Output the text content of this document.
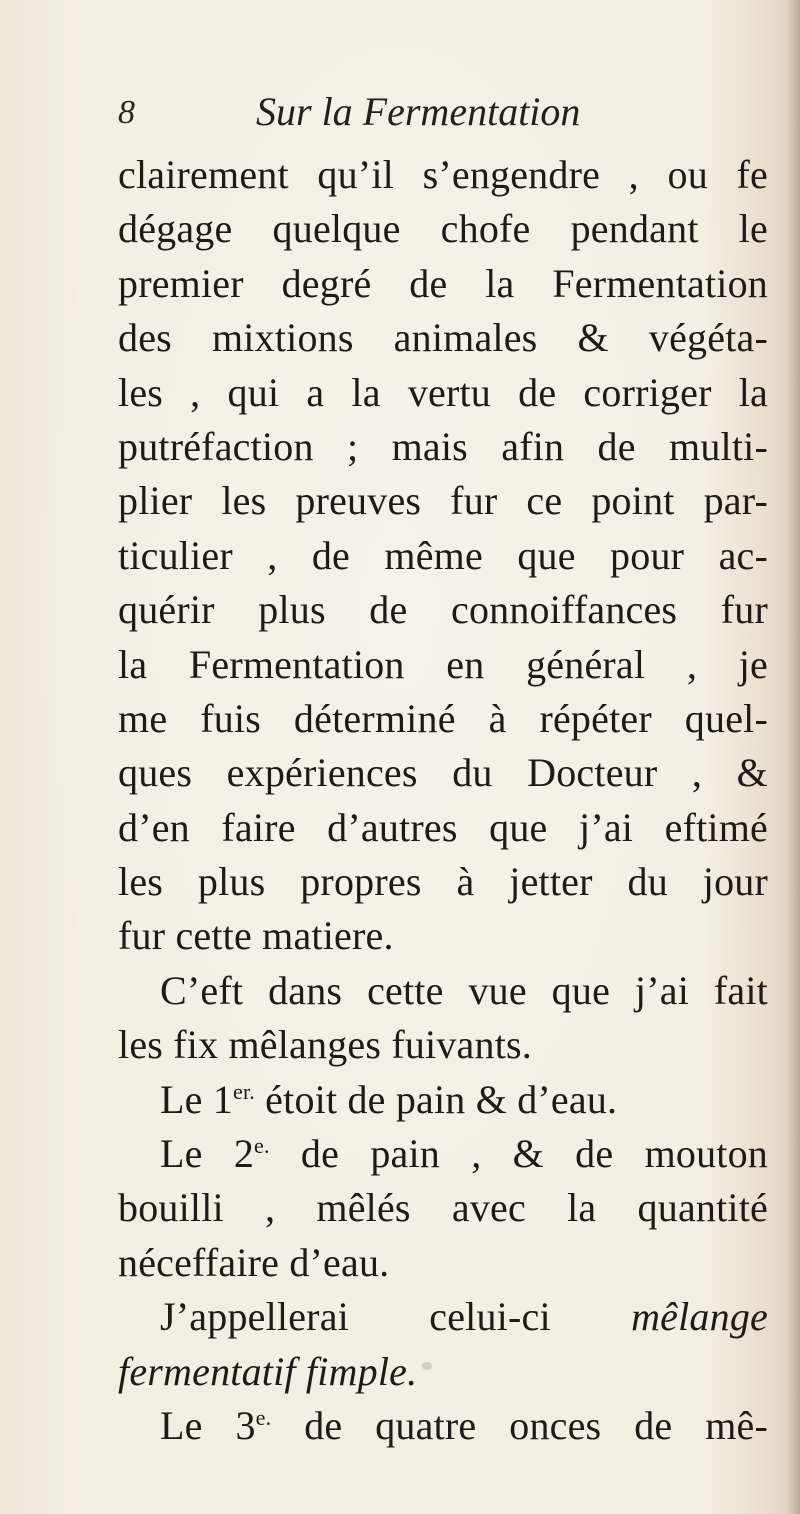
8	Sur la Fermentation
clairement qu’il s’engendre , ou fe
dégage quelque chofe pendant le
premier degré de la Fermentation
des mixtions animales & végéta-
les , qui a la vertu de corriger la
putréfaction ; mais afin de multi-
plier les preuves fur ce point par-
ticulier , de même que pour ac-
quérir plus de connoiffances fur
la Fermentation en général , je
me fuis déterminé à répéter quel-
ques expériences du Docteur , &
d’en faire d’autres que j’ai eftimé
les plus propres à jetter du jour
fur cette matiere.
C’eft dans cette vue que j’ai fait
les fix mêlanges fuivants.
Le $1^{er.}$ étoit de pain & d’eau.
Le $2^{e.}$ de pain , & de mouton
bouilli , mêlés avec la quantité
néceffaire d’eau.
J’appellerai celui-ci mêlange
fermentatif fimple.
Le $3^{e.}$ de quatre onces de mê-
